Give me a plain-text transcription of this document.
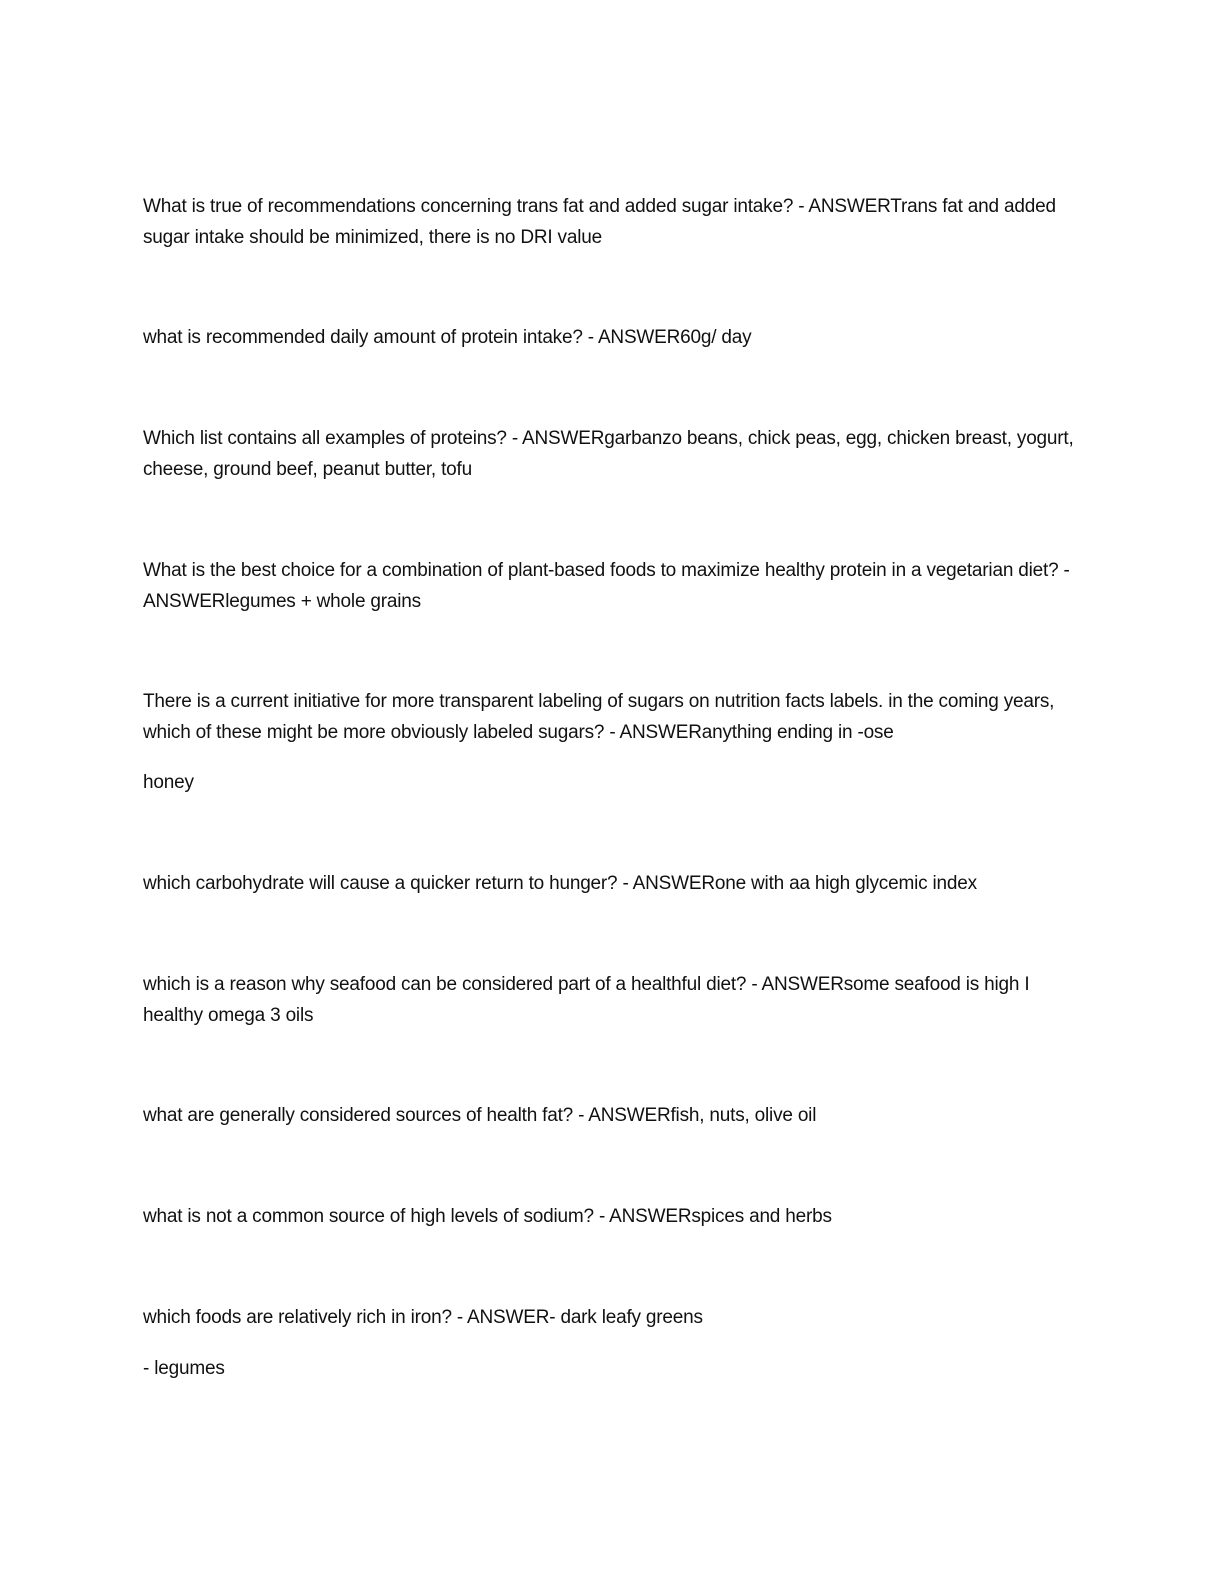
What is true of recommendations concerning trans fat and added sugar intake? - ANSWERTrans fat and added sugar intake should be minimized, there is no DRI value

what is recommended daily amount of protein intake? - ANSWER60g/ day

Which list contains all examples of proteins? - ANSWERgarbanzo beans, chick peas, egg, chicken breast, yogurt, cheese, ground beef, peanut butter, tofu

What is the best choice for a combination of plant-based foods to maximize healthy protein in a vegetarian diet? - ANSWERlegumes + whole grains

There is a current initiative for more transparent labeling of sugars on nutrition facts labels. in the coming years, which of these might be more obviously labeled sugars? - ANSWERanything ending in -ose

honey

which carbohydrate will cause a quicker return to hunger? - ANSWERone with aa high glycemic index

which is a reason why seafood can be considered part of a healthful diet? - ANSWERsome seafood is high I healthy omega 3 oils

what are generally considered sources of health fat? - ANSWERfish, nuts, olive oil

what is not a common source of high levels of sodium? - ANSWERspices and herbs

which foods are relatively rich in iron? - ANSWER- dark leafy greens

- legumes
